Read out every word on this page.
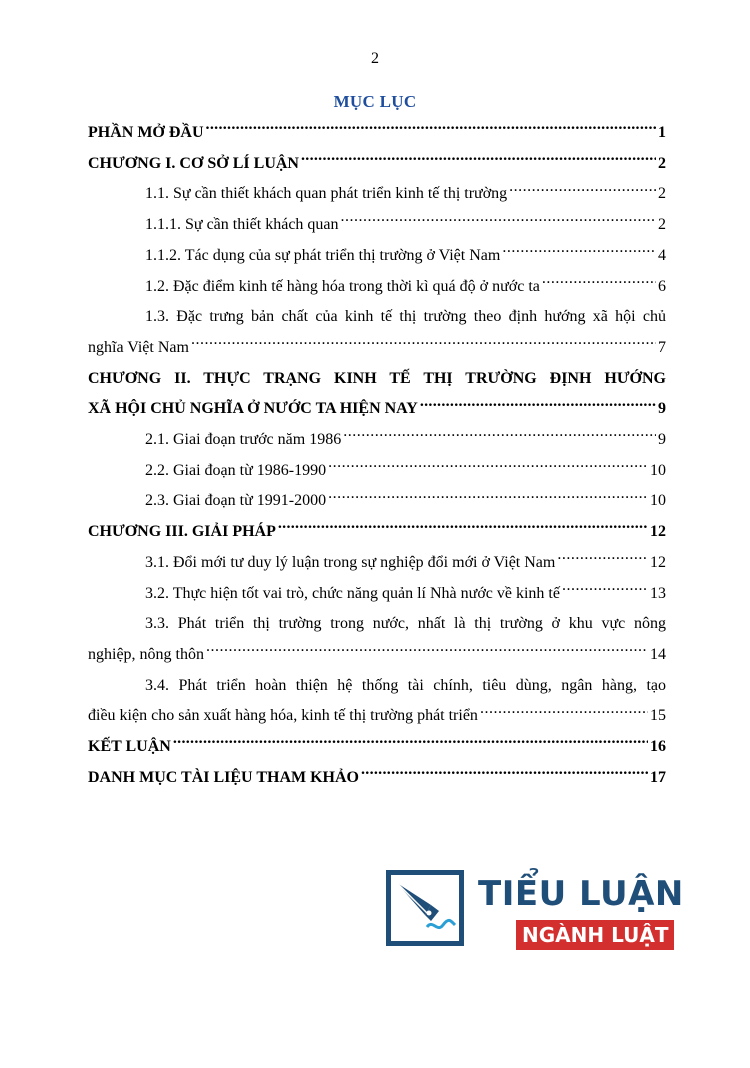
2
MỤC LỤC
PHẦN MỞ ĐẦU .....	1
CHƯƠNG I. CƠ SỞ LÍ LUẬN .....	2
1.1. Sự cần thiết khách quan phát triển kinh tế thị trường .....	2
1.1.1. Sự cần thiết khách quan .....	2
1.1.2. Tác dụng của sự phát triển thị trường ở Việt Nam .....	4
1.2. Đặc điểm kinh tế hàng hóa trong thời kì quá độ ở nước ta .....	6
1.3. Đặc trưng bản chất của kinh tế thị trường theo định hướng xã hội chủ
nghĩa Việt Nam .....	7
CHƯƠNG II. THỰC TRẠNG KINH TẾ THỊ TRƯỜNG ĐỊNH HƯỚNG
XÃ HỘI CHỦ NGHĨA Ở NƯỚC TA HIỆN NAY .....	9
2.1. Giai đoạn trước năm 1986 .....	9
2.2. Giai đoạn từ 1986-1990 .....	10
2.3. Giai đoạn từ 1991-2000 .....	10
CHƯƠNG III. GIẢI PHÁP .....	12
3.1. Đổi mới tư duy lý luận trong sự nghiệp đổi mới ở Việt Nam .....	12
3.2. Thực hiện tốt vai trò, chức năng quản lí Nhà nước về kinh tế .....	13
3.3. Phát triển thị trường trong nước, nhất là thị trường ở khu vực nông
nghiệp, nông thôn .....	14
3.4. Phát triển hoàn thiện hệ thống tài chính, tiêu dùng, ngân hàng, tạo
điều kiện cho sản xuất hàng hóa, kinh tế thị trường phát triển .....	15
KẾT LUẬN .....	16
DANH MỤC TÀI LIỆU THAM KHẢO .....	17
TIỂU LUẬN
NGÀNH LUẬT
